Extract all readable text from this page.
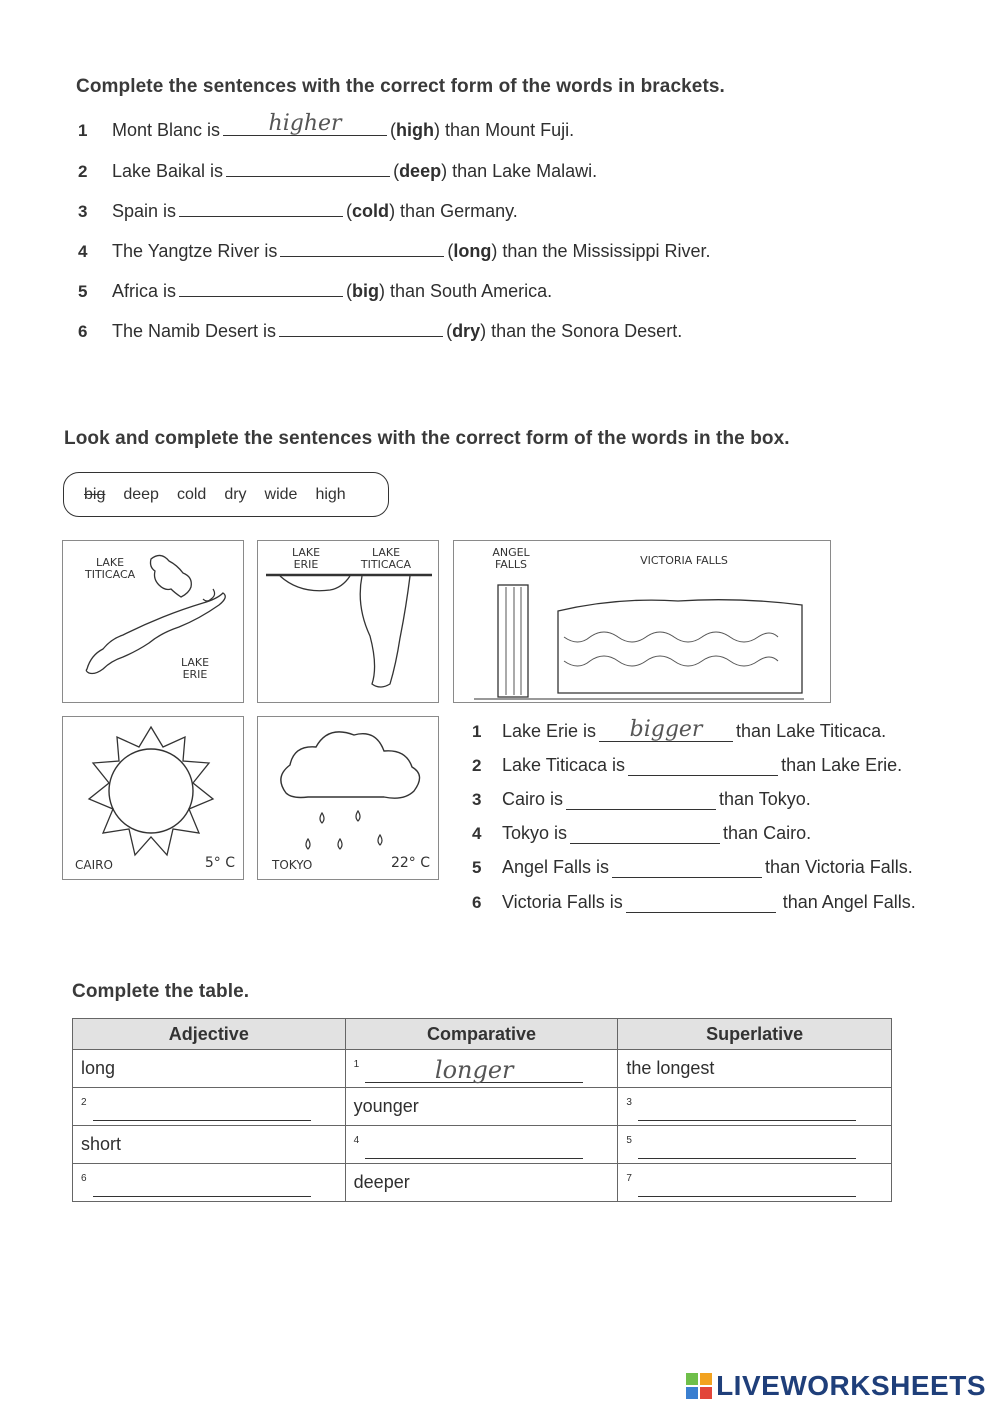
Complete the sentences with the correct form of the words in brackets.
1	Mont Blanc is	higher	(high) than Mount Fuji.
2	Lake Baikal is	(deep) than Lake Malawi.
3	Spain is	(cold) than Germany.
4	The Yangtze River is	(long) than the Mississippi River.
5	Africa is	(big) than South America.
6	The Namib Desert is	(dry) than the Sonora Desert.
Look and complete the sentences with the correct form of the words in the box.
big deep cold dry wide high
LAKE TITICACA
LAKE ERIE
LAKE ERIE
LAKE TITICACA
ANGEL FALLS	VICTORIA FALLS
CAIRO	5° C	TOKYO	22° C
1	Lake Erie is	bigger	than Lake Titicaca.
2	Lake Titicaca is	than Lake Erie.
3	Cairo is	than Tokyo.
4	Tokyo is	than Cairo.
5	Angel Falls is	than Victoria Falls.
6	Victoria Falls is	than Angel Falls.
Complete the table.
Adjective	Comparative	Superlative
long	1 longer	the longest

2	younger	3

short	4	5

6	deeper	7
LIVEWORKSHEETS
